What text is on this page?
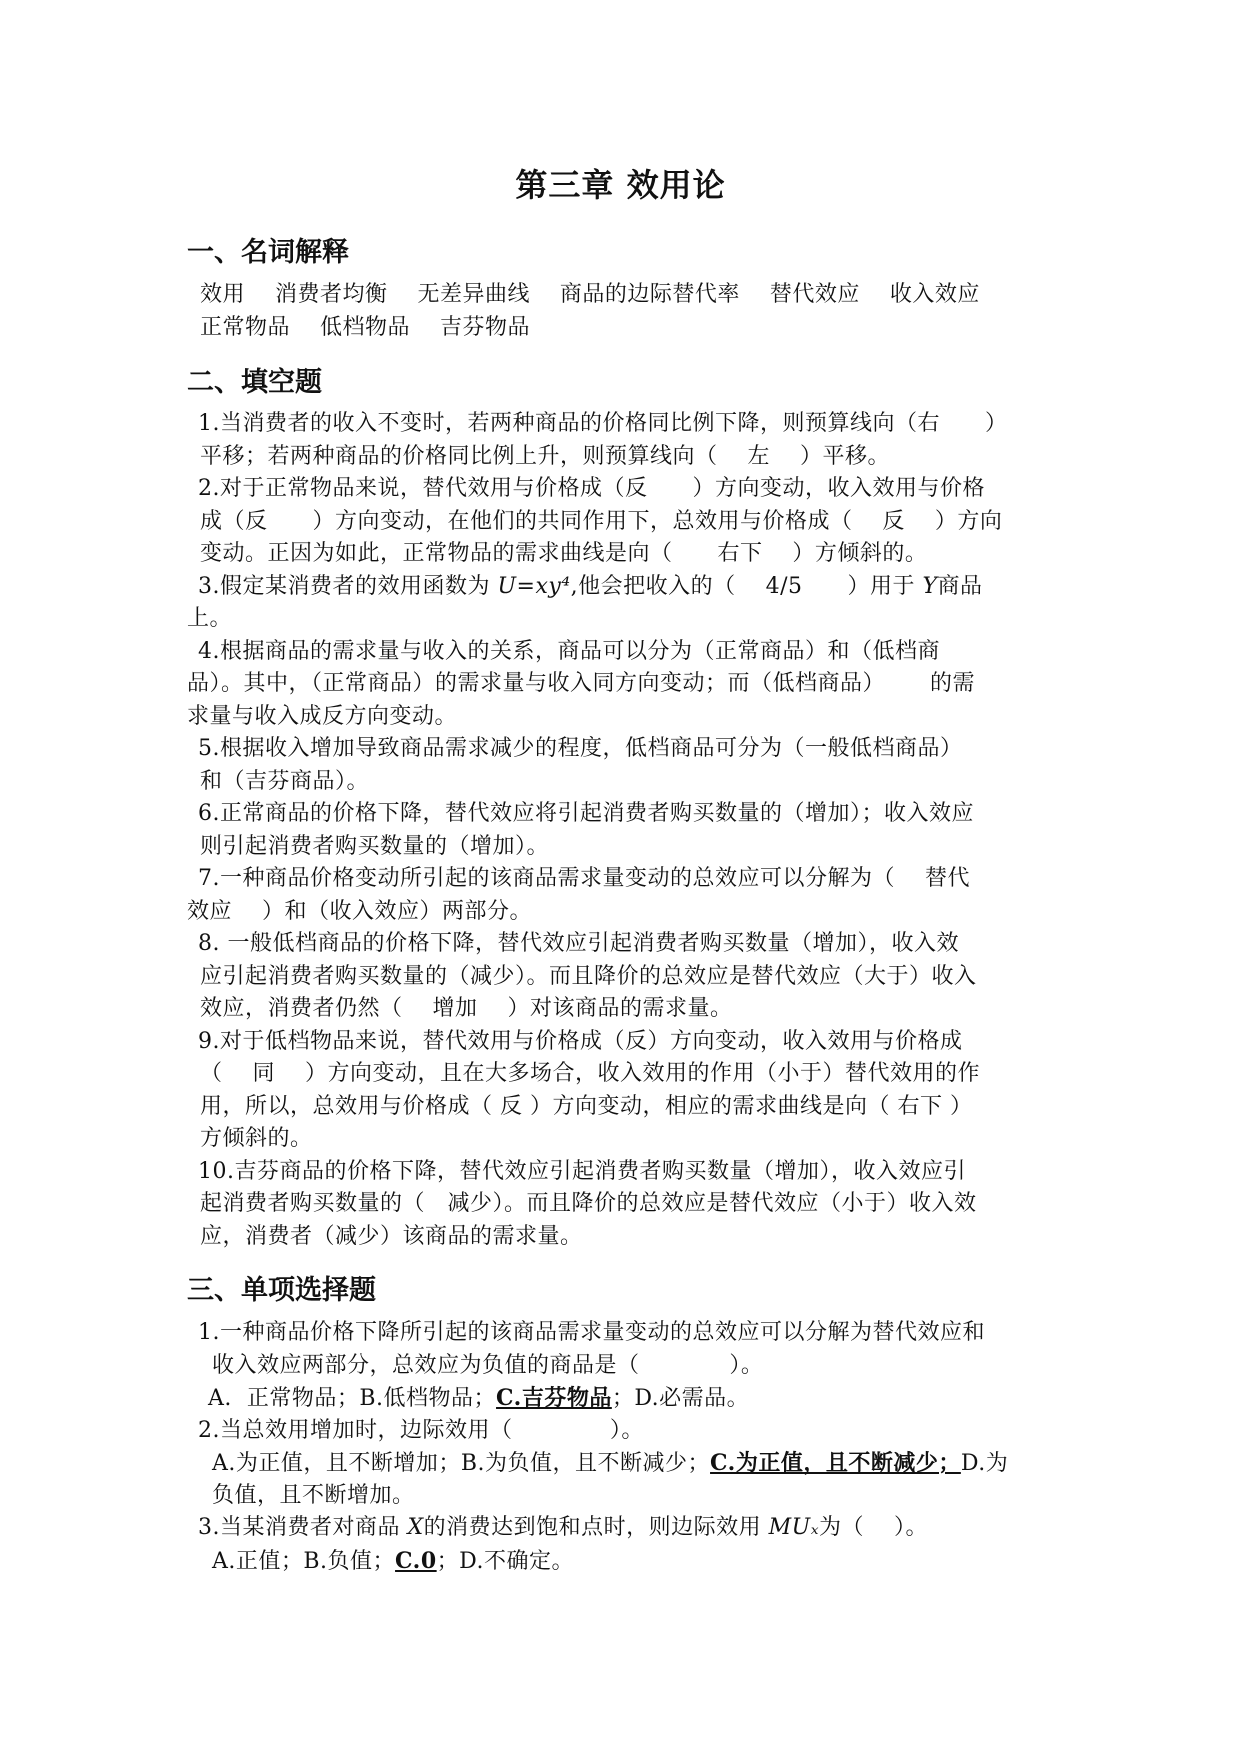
第三章 效用论
一、名词解释
效用    消费者均衡    无差异曲线    商品的边际替代率    替代效应    收入效应
正常物品    低档物品    吉芬物品
二、填空题
1.当消费者的收入不变时，若两种商品的价格同比例下降，则预算线向（右      ）
平移；若两种商品的价格同比例上升，则预算线向（    左    ）平移。
2.对于正常物品来说，替代效用与价格成（反      ）方向变动，收入效用与价格
成（反      ）方向变动，在他们的共同作用下，总效用与价格成（    反    ）方向
变动。正因为如此，正常物品的需求曲线是向（      右下    ）方倾斜的。
3.假定某消费者的效用函数为 U=xy⁴,他会把收入的（    4/5      ）用于 Y商品
上。
4.根据商品的需求量与收入的关系，商品可以分为（正常商品）和（低档商
品）。其中，（正常商品）的需求量与收入同方向变动；而（低档商品）      的需
求量与收入成反方向变动。
5.根据收入增加导致商品需求减少的程度，低档商品可分为（一般低档商品）
和（吉芬商品）。
6.正常商品的价格下降，替代效应将引起消费者购买数量的（增加）；收入效应
则引起消费者购买数量的（增加）。
7.一种商品价格变动所引起的该商品需求量变动的总效应可以分解为（    替代
效应    ）和（收入效应）两部分。
8. 一般低档商品的价格下降，替代效应引起消费者购买数量（增加），收入效
应引起消费者购买数量的（减少）。而且降价的总效应是替代效应（大于）收入
效应，消费者仍然（    增加    ）对该商品的需求量。
9.对于低档物品来说，替代效用与价格成（反）方向变动，收入效用与价格成
（    同    ）方向变动，且在大多场合，收入效用的作用（小于）替代效用的作
用，所以，总效用与价格成（ 反 ）方向变动，相应的需求曲线是向（ 右下 ）
方倾斜的。
10.吉芬商品的价格下降，替代效应引起消费者购买数量（增加），收入效应引
起消费者购买数量的（   减少）。而且降价的总效应是替代效应（小于）收入效
应，消费者（减少）该商品的需求量。
三、单项选择题
1.一种商品价格下降所引起的该商品需求量变动的总效应可以分解为替代效应和
收入效应两部分，总效应为负值的商品是（            ）。
A.  正常物品；B.低档物品；C.吉芬物品；D.必需品。
2.当总效用增加时，边际效用（             ）。
A.为正值，且不断增加；B.为负值，且不断减少；C.为正值，且不断减少；D.为
负值，且不断增加。
3.当某消费者对商品 X的消费达到饱和点时，则边际效用 MUₓ为（    ）。
A.正值；B.负值；C.0；D.不确定。
